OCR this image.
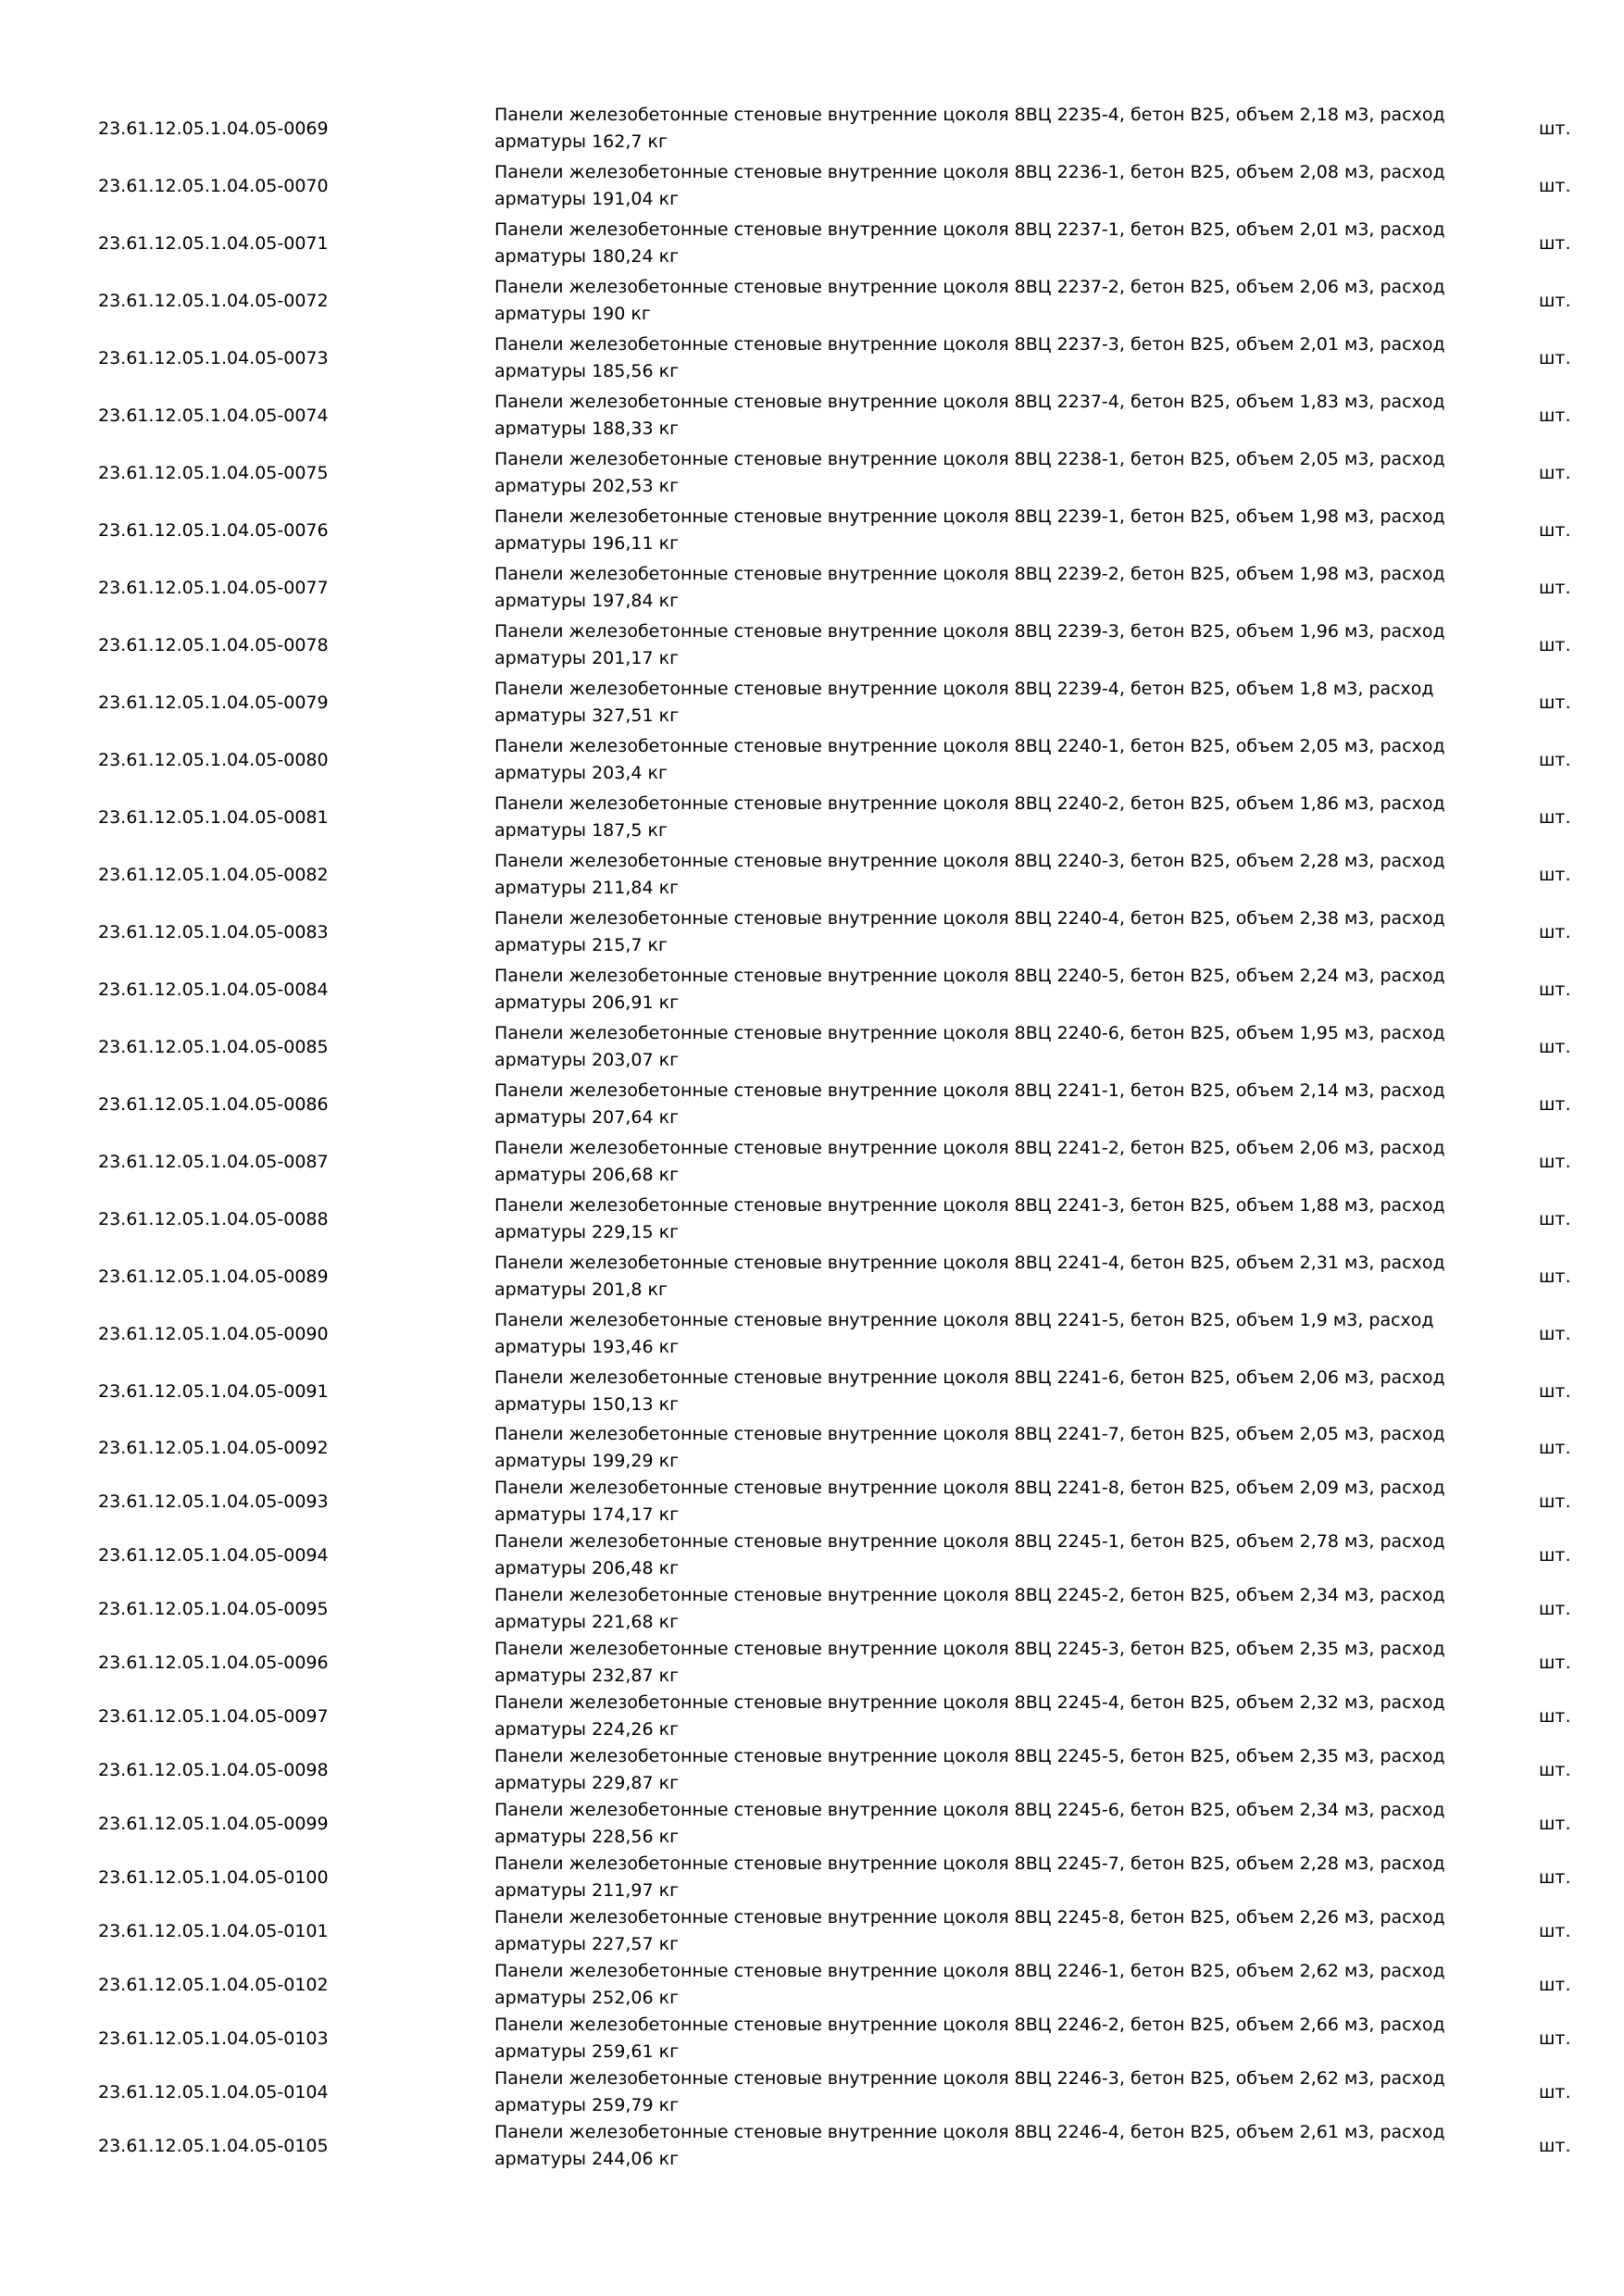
23.61.12.05.1.04.05-0069
Панели железобетонные стеновые внутренние цоколя 8ВЦ 2235-4, бетон В25, объем 2,18 м3, расход арматуры 162,7 кг
шт.
23.61.12.05.1.04.05-0070
Панели железобетонные стеновые внутренние цоколя 8ВЦ 2236-1, бетон В25, объем 2,08 м3, расход арматуры 191,04 кг
шт.
23.61.12.05.1.04.05-0071
Панели железобетонные стеновые внутренние цоколя 8ВЦ 2237-1, бетон В25, объем 2,01 м3, расход арматуры 180,24 кг
шт.
23.61.12.05.1.04.05-0072
Панели железобетонные стеновые внутренние цоколя 8ВЦ 2237-2, бетон В25, объем 2,06 м3, расход арматуры 190 кг
шт.
23.61.12.05.1.04.05-0073
Панели железобетонные стеновые внутренние цоколя 8ВЦ 2237-3, бетон В25, объем 2,01 м3, расход арматуры 185,56 кг
шт.
23.61.12.05.1.04.05-0074
Панели железобетонные стеновые внутренние цоколя 8ВЦ 2237-4, бетон В25, объем 1,83 м3, расход арматуры 188,33 кг
шт.
23.61.12.05.1.04.05-0075
Панели железобетонные стеновые внутренние цоколя 8ВЦ 2238-1, бетон В25, объем 2,05 м3, расход арматуры 202,53 кг
шт.
23.61.12.05.1.04.05-0076
Панели железобетонные стеновые внутренние цоколя 8ВЦ 2239-1, бетон В25, объем 1,98 м3, расход арматуры 196,11 кг
шт.
23.61.12.05.1.04.05-0077
Панели железобетонные стеновые внутренние цоколя 8ВЦ 2239-2, бетон В25, объем 1,98 м3, расход арматуры 197,84 кг
шт.
23.61.12.05.1.04.05-0078
Панели железобетонные стеновые внутренние цоколя 8ВЦ 2239-3, бетон В25, объем 1,96 м3, расход арматуры 201,17 кг
шт.
23.61.12.05.1.04.05-0079
Панели железобетонные стеновые внутренние цоколя 8ВЦ 2239-4, бетон В25, объем 1,8 м3, расход арматуры 327,51 кг
шт.
23.61.12.05.1.04.05-0080
Панели железобетонные стеновые внутренние цоколя 8ВЦ 2240-1, бетон В25, объем 2,05 м3, расход арматуры 203,4 кг
шт.
23.61.12.05.1.04.05-0081
Панели железобетонные стеновые внутренние цоколя 8ВЦ 2240-2, бетон В25, объем 1,86 м3, расход арматуры 187,5 кг
шт.
23.61.12.05.1.04.05-0082
Панели железобетонные стеновые внутренние цоколя 8ВЦ 2240-3, бетон В25, объем 2,28 м3, расход арматуры 211,84 кг
шт.
23.61.12.05.1.04.05-0083
Панели железобетонные стеновые внутренние цоколя 8ВЦ 2240-4, бетон В25, объем 2,38 м3, расход арматуры 215,7 кг
шт.
23.61.12.05.1.04.05-0084
Панели железобетонные стеновые внутренние цоколя 8ВЦ 2240-5, бетон В25, объем 2,24 м3, расход арматуры 206,91 кг
шт.
23.61.12.05.1.04.05-0085
Панели железобетонные стеновые внутренние цоколя 8ВЦ 2240-6, бетон В25, объем 1,95 м3, расход арматуры 203,07 кг
шт.
23.61.12.05.1.04.05-0086
Панели железобетонные стеновые внутренние цоколя 8ВЦ 2241-1, бетон В25, объем 2,14 м3, расход арматуры 207,64 кг
шт.
23.61.12.05.1.04.05-0087
Панели железобетонные стеновые внутренние цоколя 8ВЦ 2241-2, бетон В25, объем 2,06 м3, расход арматуры 206,68 кг
шт.
23.61.12.05.1.04.05-0088
Панели железобетонные стеновые внутренние цоколя 8ВЦ 2241-3, бетон В25, объем 1,88 м3, расход арматуры 229,15 кг
шт.
23.61.12.05.1.04.05-0089
Панели железобетонные стеновые внутренние цоколя 8ВЦ 2241-4, бетон В25, объем 2,31 м3, расход арматуры 201,8 кг
шт.
23.61.12.05.1.04.05-0090
Панели железобетонные стеновые внутренние цоколя 8ВЦ 2241-5, бетон В25, объем 1,9 м3, расход арматуры 193,46 кг
шт.
23.61.12.05.1.04.05-0091
Панели железобетонные стеновые внутренние цоколя 8ВЦ 2241-6, бетон В25, объем 2,06 м3, расход арматуры 150,13 кг
шт.
23.61.12.05.1.04.05-0092
Панели железобетонные стеновые внутренние цоколя 8ВЦ 2241-7, бетон В25, объем 2,05 м3, расход арматуры 199,29 кг
шт.
23.61.12.05.1.04.05-0093
Панели железобетонные стеновые внутренние цоколя 8ВЦ 2241-8, бетон В25, объем 2,09 м3, расход арматуры 174,17 кг
шт.
23.61.12.05.1.04.05-0094
Панели железобетонные стеновые внутренние цоколя 8ВЦ 2245-1, бетон В25, объем 2,78 м3, расход арматуры 206,48 кг
шт.
23.61.12.05.1.04.05-0095
Панели железобетонные стеновые внутренние цоколя 8ВЦ 2245-2, бетон В25, объем 2,34 м3, расход арматуры 221,68 кг
шт.
23.61.12.05.1.04.05-0096
Панели железобетонные стеновые внутренние цоколя 8ВЦ 2245-3, бетон В25, объем 2,35 м3, расход арматуры 232,87 кг
шт.
23.61.12.05.1.04.05-0097
Панели железобетонные стеновые внутренние цоколя 8ВЦ 2245-4, бетон В25, объем 2,32 м3, расход арматуры 224,26 кг
шт.
23.61.12.05.1.04.05-0098
Панели железобетонные стеновые внутренние цоколя 8ВЦ 2245-5, бетон В25, объем 2,35 м3, расход арматуры 229,87 кг
шт.
23.61.12.05.1.04.05-0099
Панели железобетонные стеновые внутренние цоколя 8ВЦ 2245-6, бетон В25, объем 2,34 м3, расход арматуры 228,56 кг
шт.
23.61.12.05.1.04.05-0100
Панели железобетонные стеновые внутренние цоколя 8ВЦ 2245-7, бетон В25, объем 2,28 м3, расход арматуры 211,97 кг
шт.
23.61.12.05.1.04.05-0101
Панели железобетонные стеновые внутренние цоколя 8ВЦ 2245-8, бетон В25, объем 2,26 м3, расход арматуры 227,57 кг
шт.
23.61.12.05.1.04.05-0102
Панели железобетонные стеновые внутренние цоколя 8ВЦ 2246-1, бетон В25, объем 2,62 м3, расход арматуры 252,06 кг
шт.
23.61.12.05.1.04.05-0103
Панели железобетонные стеновые внутренние цоколя 8ВЦ 2246-2, бетон В25, объем 2,66 м3, расход арматуры 259,61 кг
шт.
23.61.12.05.1.04.05-0104
Панели железобетонные стеновые внутренние цоколя 8ВЦ 2246-3, бетон В25, объем 2,62 м3, расход арматуры 259,79 кг
шт.
23.61.12.05.1.04.05-0105
Панели железобетонные стеновые внутренние цоколя 8ВЦ 2246-4, бетон В25, объем 2,61 м3, расход арматуры 244,06 кг
шт.
